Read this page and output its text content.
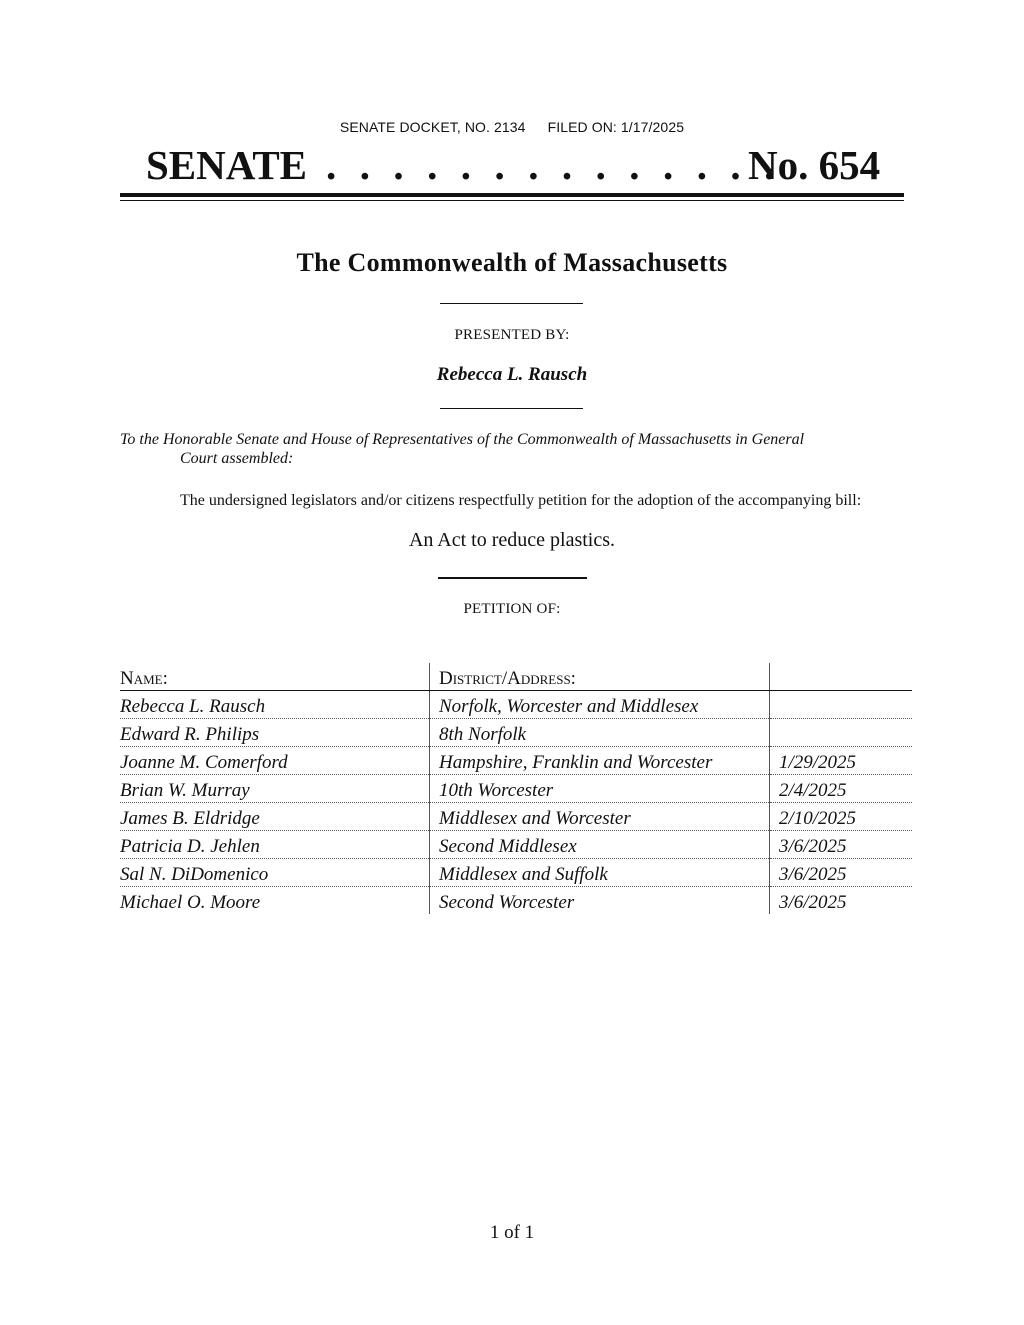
SENATE DOCKET, NO. 2134 FILED ON: 1/17/2025
SENATE . . . . . . . . . . . . . .
No. 654
The Commonwealth of Massachusetts
PRESENTED BY:
Rebecca L. Rausch
To the Honorable Senate and House of Representatives of the Commonwealth of Massachusetts in General
Court assembled:
The undersigned legislators and/or citizens respectfully petition for the adoption of the accompanying bill:
An Act to reduce plastics.
PETITION OF:
Name:	District/Address:	
Rebecca L. Rausch	Norfolk, Worcester and Middlesex	
Edward R. Philips	8th Norfolk	
Joanne M. Comerford	Hampshire, Franklin and Worcester	1/29/2025
Brian W. Murray	10th Worcester	2/4/2025
James B. Eldridge	Middlesex and Worcester	2/10/2025
Patricia D. Jehlen	Second Middlesex	3/6/2025
Sal N. DiDomenico	Middlesex and Suffolk	3/6/2025
Michael O. Moore	Second Worcester	3/6/2025
1 of 1
